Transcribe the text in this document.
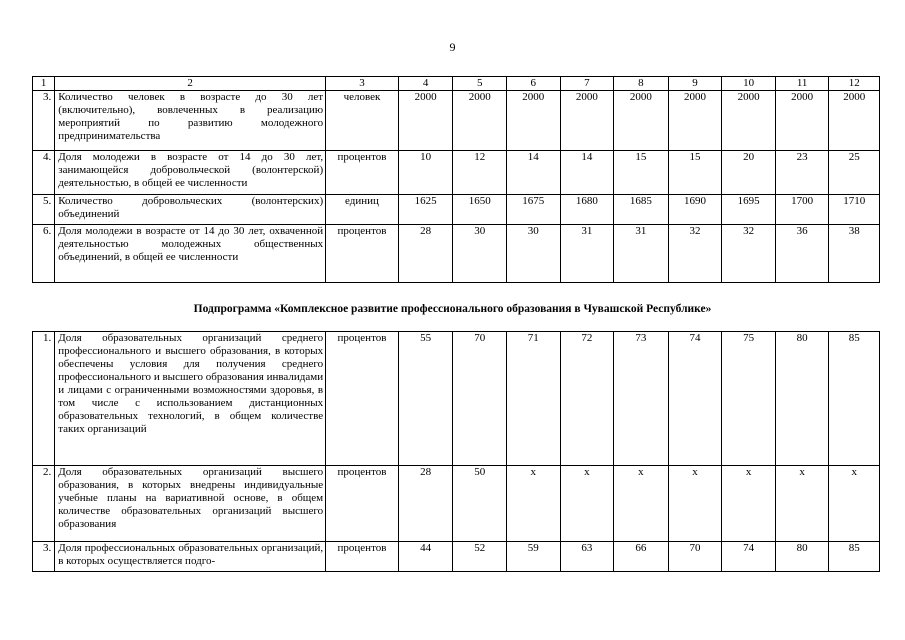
9
1	2	3	4	5	6	7	8	9	10	11	12
3.	Количество человек в возрасте до 30 лет (включительно), вовлеченных в реализацию мероприятий по развитию молодежного предпринимательства	человек	2000	2000	2000	2000	2000	2000	2000	2000	2000
4.	Доля молодежи в возрасте от 14 до 30 лет, занимающейся добровольческой (волонтерской) деятельностью, в общей ее численности	процентов	10	12	14	14	15	15	20	23	25
5.	Количество добровольческих (волонтерских) объединений	единиц	1625	1650	1675	1680	1685	1690	1695	1700	1710
6.	Доля молодежи в возрасте от 14 до 30 лет, охваченной деятельностью молодежных общественных объединений, в общей ее численности	процентов	28	30	30	31	31	32	32	36	38
Подпрограмма «Комплексное развитие профессионального образования в Чувашской Республике»
1.	Доля образовательных организаций среднего профессионального и высшего образования, в которых обеспечены условия для получения среднего профессионального и высшего образования инвалидами и лицами с ограниченными возможностями здоровья, в том числе с использованием дистанционных образовательных технологий, в общем количестве таких организаций	процентов	55	70	71	72	73	74	75	80	85
2.	Доля образовательных организаций высшего образования, в которых внедрены индивидуальные учебные планы на вариативной основе, в общем количестве образовательных организаций высшего образования	процентов	28	50	x	x	x	x	x	x	x
3.	Доля профессиональных образовательных организаций, в которых осуществляется подго-	процентов	44	52	59	63	66	70	74	80	85
